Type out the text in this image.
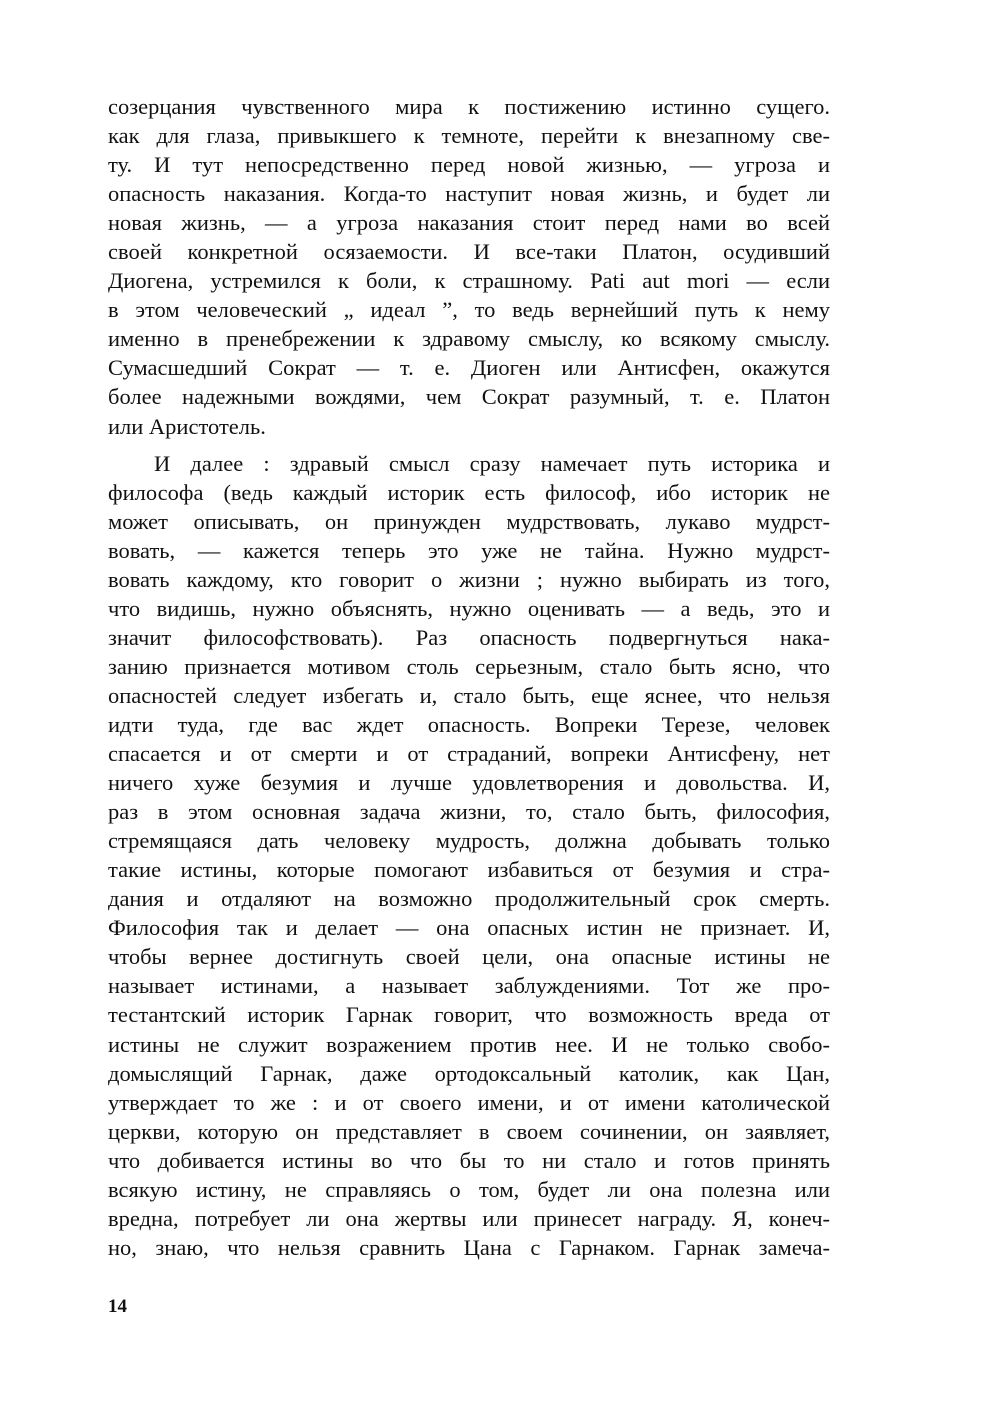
созерцания чувственного мира к постижению истинно сущего.
как для глаза, привыкшего к темноте, перейти к внезапному све-
ту. И тут непосредственно перед новой жизнью, — угроза и
опасность наказания. Когда-то наступит новая жизнь, и будет ли
новая жизнь, — а угроза наказания стоит перед нами во всей
своей конкретной осязаемости. И все-таки Платон, осудивший
Диогена, устремился к боли, к страшному. Pati aut mori — если
в этом человеческий „ идеал ”, то ведь вернейший путь к нему
именно в пренебрежении к здравому смыслу, ко всякому смыслу.
Сумасшедший Сократ — т. е. Диоген или Антисфен, окажутся
более надежными вождями, чем Сократ разумный, т. е. Платон
или Аристотель.
И далее : здравый смысл сразу намечает путь историка и
философа (ведь каждый историк есть философ, ибо историк не
может описывать, он принужден мудрствовать, лукаво мудрст-
вовать, — кажется теперь это уже не тайна. Нужно мудрст-
вовать каждому, кто говорит о жизни ; нужно выбирать из того,
что видишь, нужно объяснять, нужно оценивать — а ведь, это и
значит философствовать). Раз опасность подвергнуться нака-
занию признается мотивом столь серьезным, стало быть ясно, что
опасностей следует избегать и, стало быть, еще яснее, что нельзя
идти туда, где вас ждет опасность. Вопреки Терезе, человек
спасается и от смерти и от страданий, вопреки Антисфену, нет
ничего хуже безумия и лучше удовлетворения и довольства. И,
раз в этом основная задача жизни, то, стало быть, философия,
стремящаяся дать человеку мудрость, должна добывать только
такие истины, которые помогают избавиться от безумия и стра-
дания и отдаляют на возможно продолжительный срок смерть.
Философия так и делает — она опасных истин не признает. И,
чтобы вернее достигнуть своей цели, она опасные истины не
называет истинами, а называет заблуждениями. Тот же про-
тестантский историк Гарнак говорит, что возможность вреда от
истины не служит возражением против нее. И не только свобо-
домыслящий Гарнак, даже ортодоксальный католик, как Цан,
утверждает то же : и от своего имени, и от имени католической
церкви, которую он представляет в своем сочинении, он заявляет,
что добивается истины во что бы то ни стало и готов принять
всякую истину, не справляясь о том, будет ли она полезна или
вредна, потребует ли она жертвы или принесет награду. Я, конеч-
но, знаю, что нельзя сравнить Цана с Гарнаком. Гарнак замеча-
14
